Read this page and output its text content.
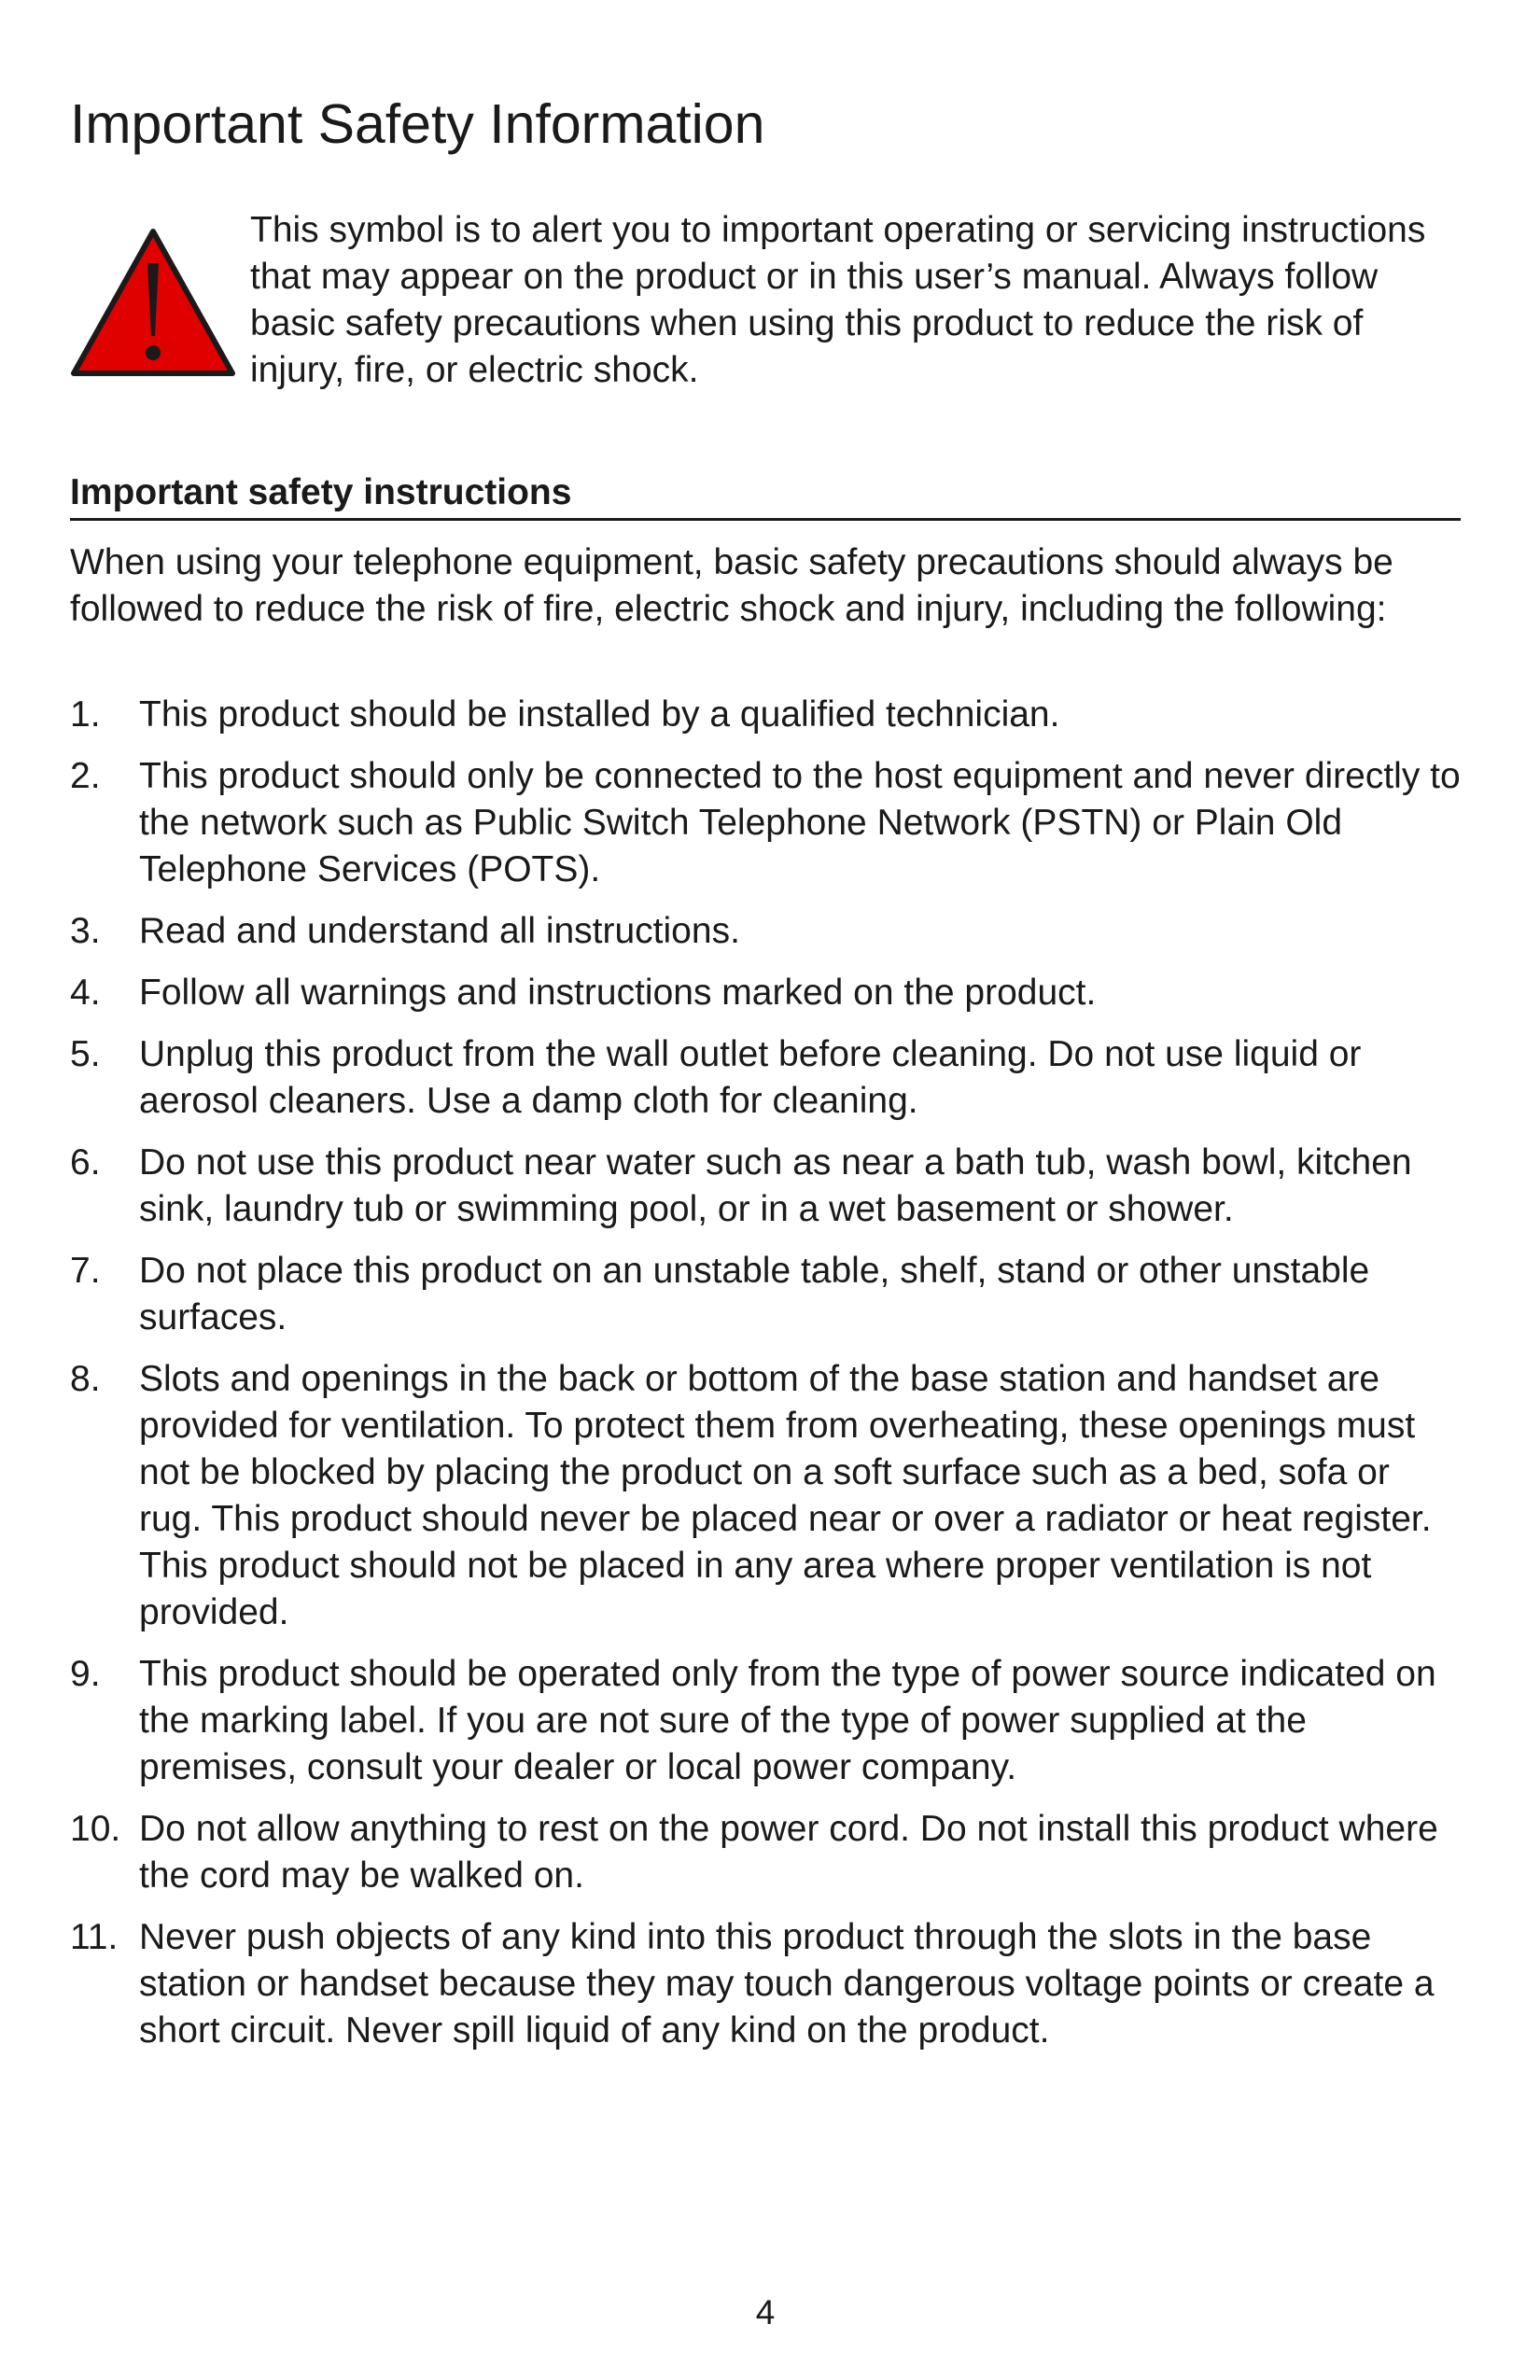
Important Safety Information

This symbol is to alert you to important operating or servicing instructions that may appear on the product or in this user’s manual. Always follow basic safety precautions when using this product to reduce the risk of injury, fire, or electric shock.

Important safety instructions

When using your telephone equipment, basic safety precautions should always be followed to reduce the risk of fire, electric shock and injury, including the following:

1. This product should be installed by a qualified technician.
2. This product should only be connected to the host equipment and never directly to the network such as Public Switch Telephone Network (PSTN) or Plain Old Telephone Services (POTS).
3. Read and understand all instructions.
4. Follow all warnings and instructions marked on the product.
5. Unplug this product from the wall outlet before cleaning. Do not use liquid or aerosol cleaners. Use a damp cloth for cleaning.
6. Do not use this product near water such as near a bath tub, wash bowl, kitchen sink, laundry tub or swimming pool, or in a wet basement or shower.
7. Do not place this product on an unstable table, shelf, stand or other unstable surfaces.
8. Slots and openings in the back or bottom of the base station and handset are provided for ventilation. To protect them from overheating, these openings must not be blocked by placing the product on a soft surface such as a bed, sofa or rug. This product should never be placed near or over a radiator or heat register. This product should not be placed in any area where proper ventilation is not provided.
9. This product should be operated only from the type of power source indicated on the marking label. If you are not sure of the type of power supplied at the premises, consult your dealer or local power company.
10. Do not allow anything to rest on the power cord. Do not install this product where the cord may be walked on.
11. Never push objects of any kind into this product through the slots in the base station or handset because they may touch dangerous voltage points or create a short circuit. Never spill liquid of any kind on the product.
4
